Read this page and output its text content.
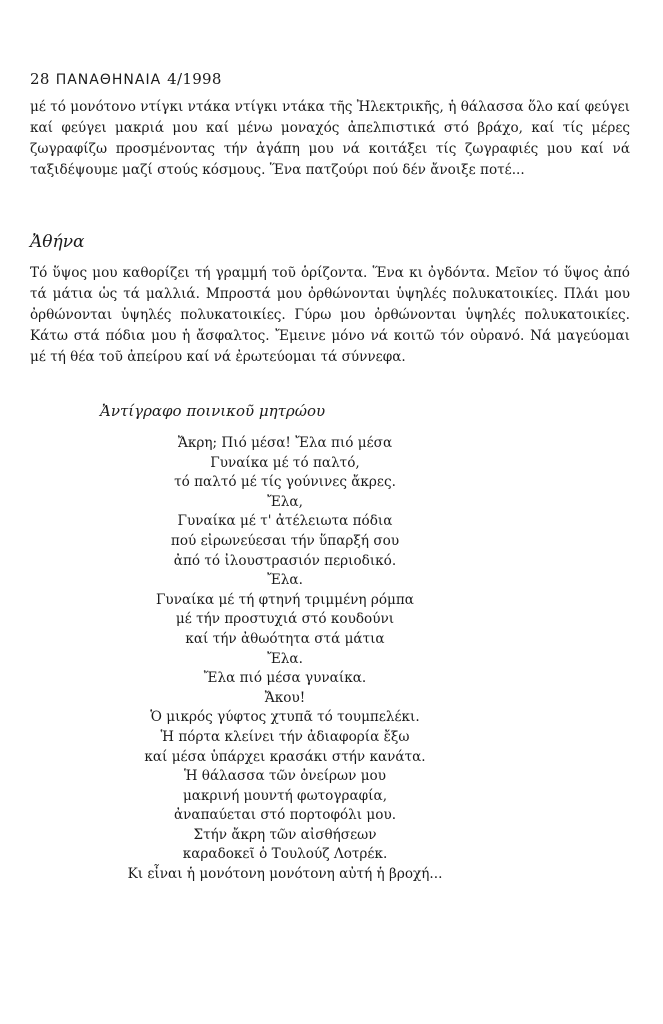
28 ΠΑΝΑΘΗΝΑΙΑ 4/1998
μέ τό μονότονο ντίγκι ντάκα ντίγκι ντάκα τῆς Ἠλεκτρικῆς, ἡ θάλασσα ὅλο καί φεύγει καί φεύγει μακριά μου καί μένω μοναχός ἀπελπιστικά στό βράχο, καί τίς μέρες ζωγραφίζω προσμένοντας τήν ἀγάπη μου νά κοιτάξει τίς ζωγραφιές μου καί νά ταξιδέψουμε μαζί στούς κόσμους. Ἕνα πατζούρι πού δέν ἄνοιξε ποτέ...
Ἀθήνα
Τό ὕψος μου καθορίζει τή γραμμή τοῦ ὁρίζοντα. Ἕνα κι ὀγδόντα. Μεῖον τό ὕψος ἀπό τά μάτια ὡς τά μαλλιά. Μπροστά μου ὀρθώνονται ὑψηλές πολυκατοικίες. Πλάι μου ὀρθώνονται ὑψηλές πολυκατοικίες. Γύρω μου ὀρθώνονται ὑψηλές πολυκατοικίες. Κάτω στά πόδια μου ἡ ἄσφαλτος. Ἔμεινε μόνο νά κοιτῶ τόν οὐρανό. Νά μαγεύομαι μέ τή θέα τοῦ ἀπείρου καί νά ἐρωτεύομαι τά σύννεφα.
Ἀντίγραφο ποινικοῦ μητρώου
Ἄκρη; Πιό μέσα! Ἔλα πιό μέσα
Γυναίκα μέ τό παλτό,
τό παλτό μέ τίς γούνινες ἄκρες.
Ἔλα,
Γυναίκα μέ τ' ἀτέλειωτα πόδια
πού εἰρωνεύεσαι τήν ὕπαρξή σου
ἀπό τό ἰλουστρασιόν περιοδικό.
Ἔλα.
Γυναίκα μέ τή φτηνή τριμμένη ρόμπα
μέ τήν προστυχιά στό κουδούνι
καί τήν ἀθωότητα στά μάτια
Ἔλα.
Ἔλα πιό μέσα γυναίκα.
Ἄκου!
Ὁ μικρός γύφτος χτυπᾶ τό τουμπελέκι.
Ἡ πόρτα κλείνει τήν ἀδιαφορία ἔξω
καί μέσα ὑπάρχει κρασάκι στήν κανάτα.
Ἡ θάλασσα τῶν ὀνείρων μου
μακρινή μουντή φωτογραφία,
ἀναπαύεται στό πορτοφόλι μου.
Στήν ἄκρη τῶν αἰσθήσεων
καραδοκεῖ ὁ Τουλούζ Λοτρέκ.
Κι εἶναι ἡ μονότονη μονότονη αὐτή ἡ βροχή...
